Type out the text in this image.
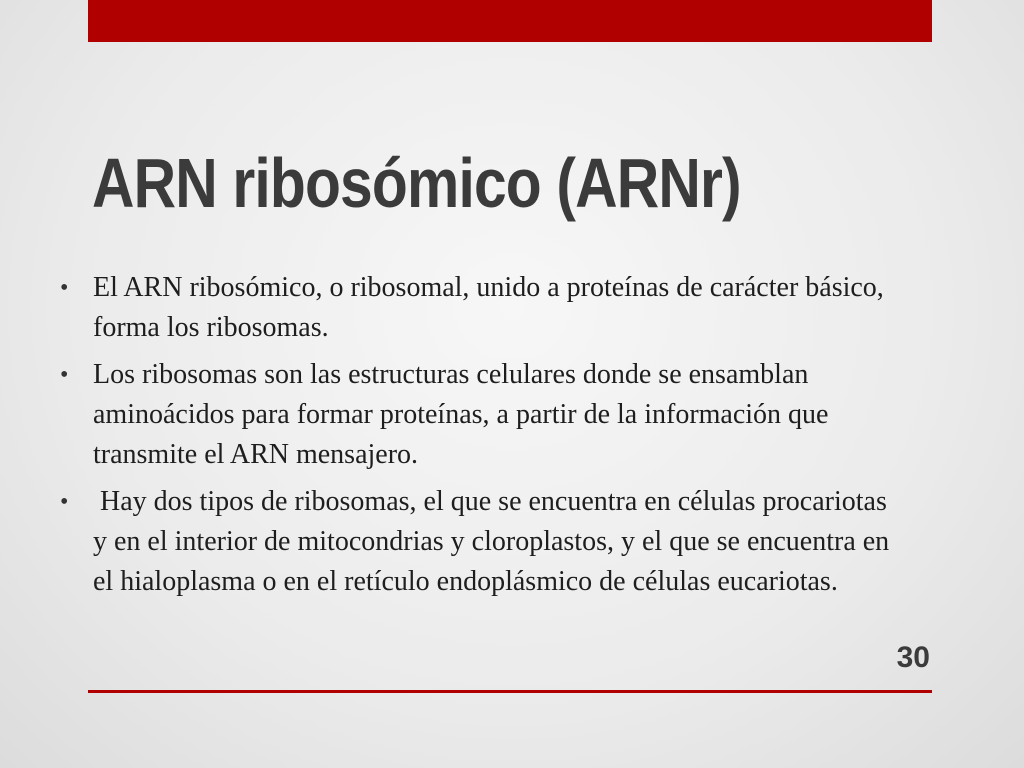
ARN ribosómico (ARNr)
• El ARN ribosómico, o ribosomal, unido a proteínas de carácter básico, forma los ribosomas.
• Los ribosomas son las estructuras celulares donde se ensamblan aminoácidos para formar proteínas, a partir de la información que transmite el ARN mensajero.
• Hay dos tipos de ribosomas, el que se encuentra en células procariotas y en el interior de mitocondrias y cloroplastos, y el que se encuentra en el hialoplasma o en el retículo endoplásmico de células eucariotas.
30
